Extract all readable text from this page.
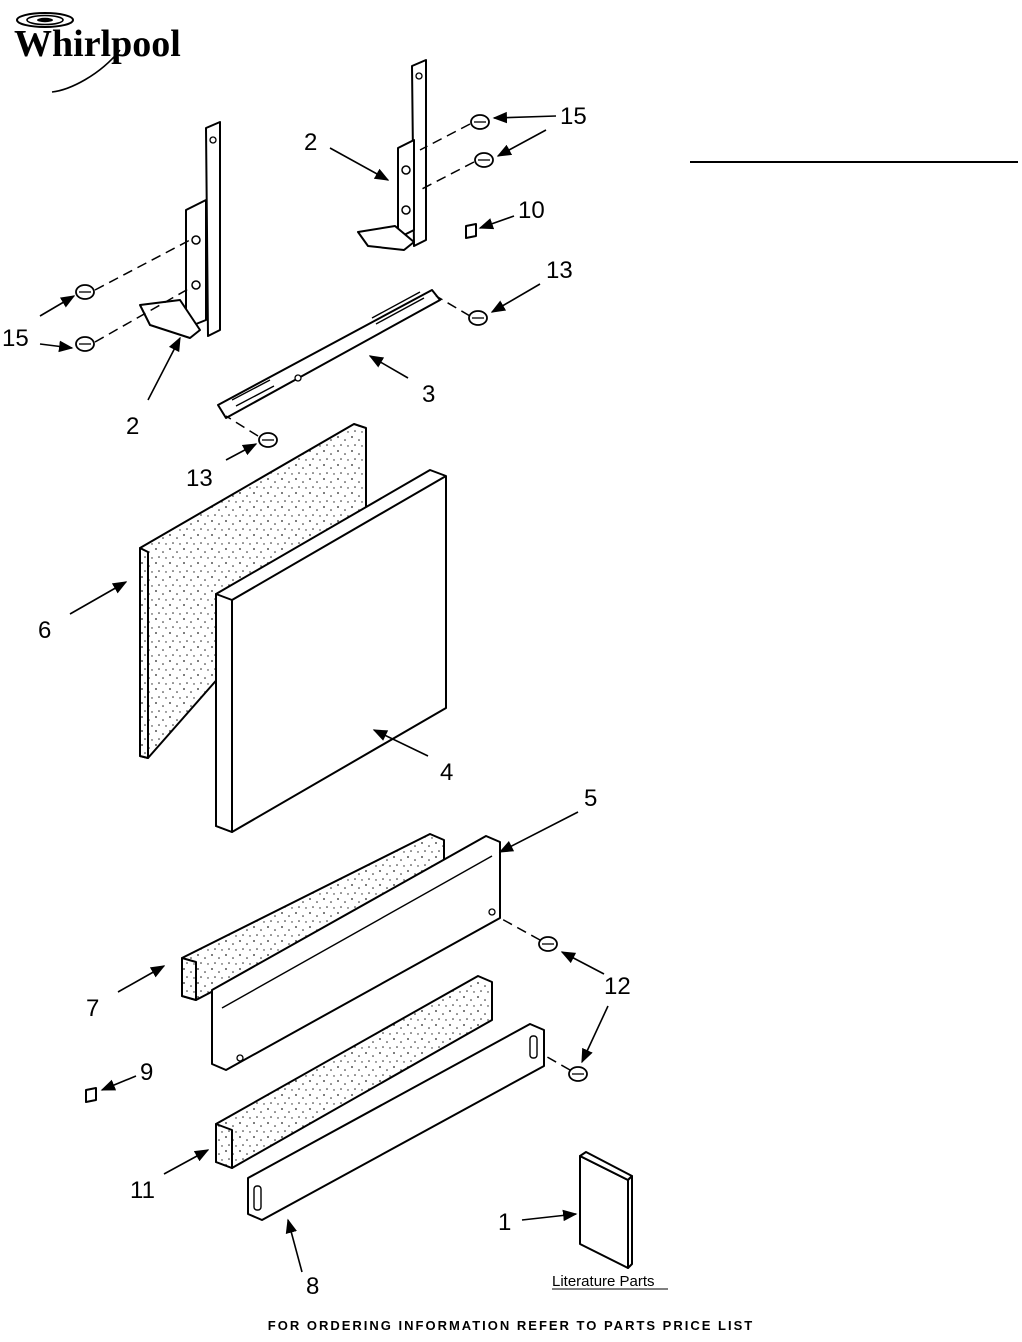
Whirlpool
2
2
15
15
10
13
13
3
6
4
5
7
12
9
11
1
8	Literature Parts
FOR ORDERING INFORMATION REFER TO PARTS PRICE LIST
